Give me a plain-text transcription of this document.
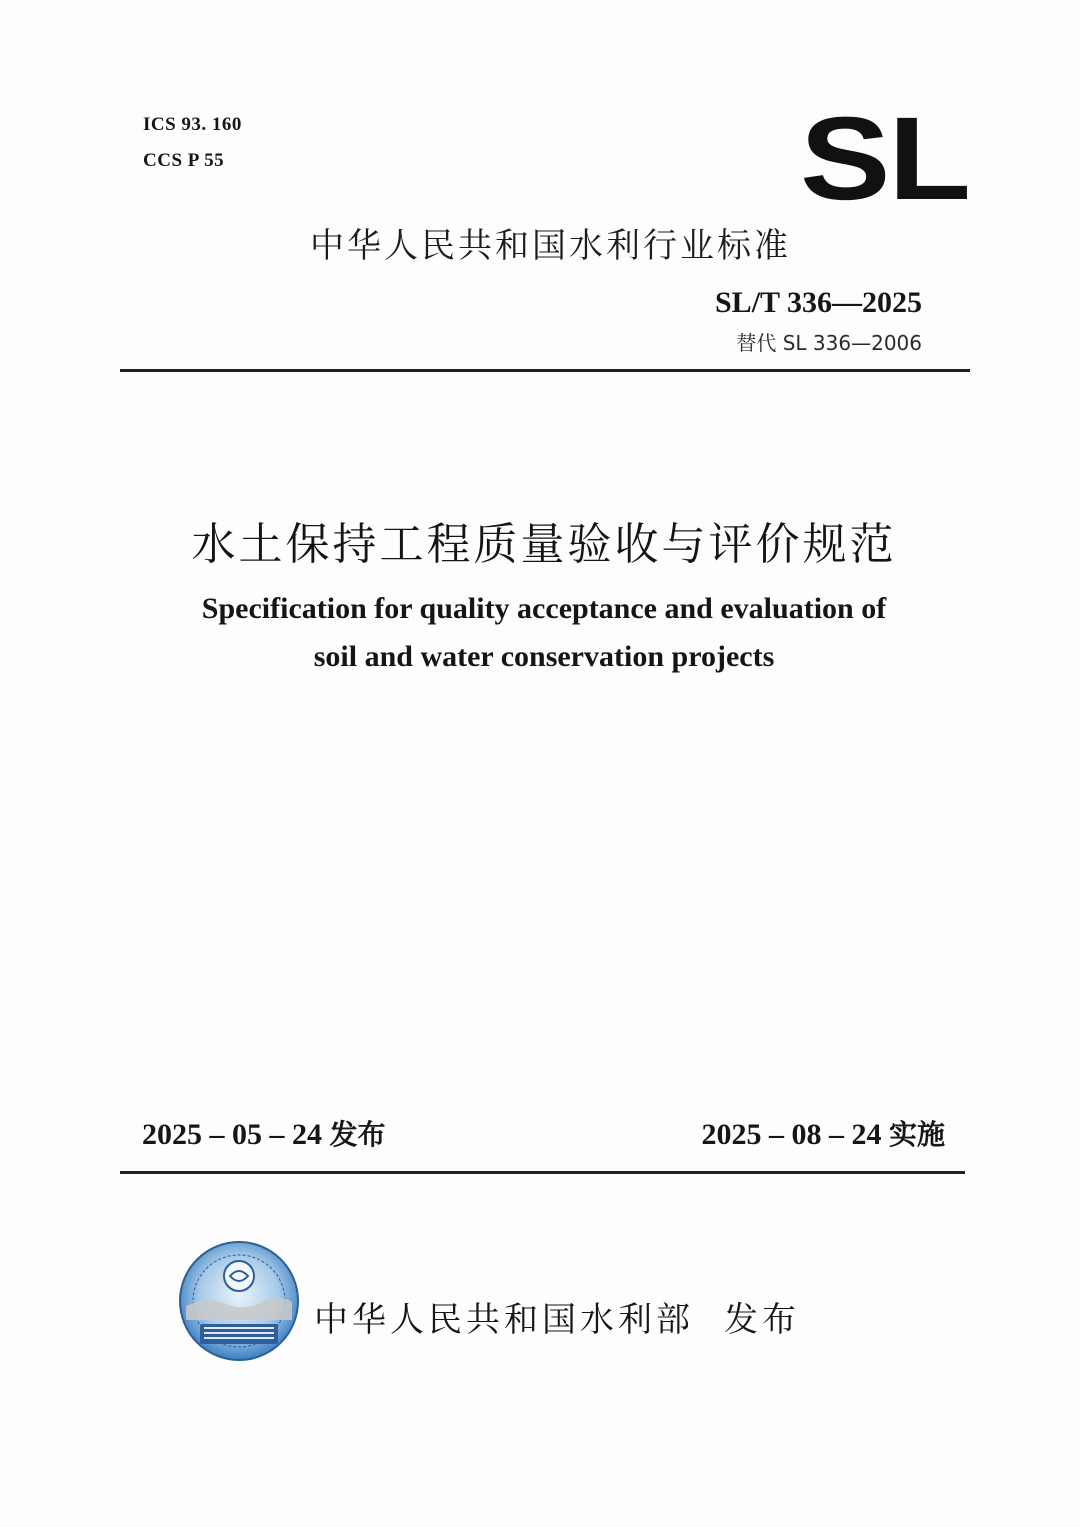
ICS 93. 160
CCS P 55	SL
中华人民共和国水利行业标准
SL/T 336—2025
替代 SL 336—2006
水土保持工程质量验收与评价规范
Specification for quality acceptance and evaluation of
soil and water conservation projects
2025 – 05 – 24 发布	2025 – 08 – 24 实施
中华人民共和国水利部 发布
